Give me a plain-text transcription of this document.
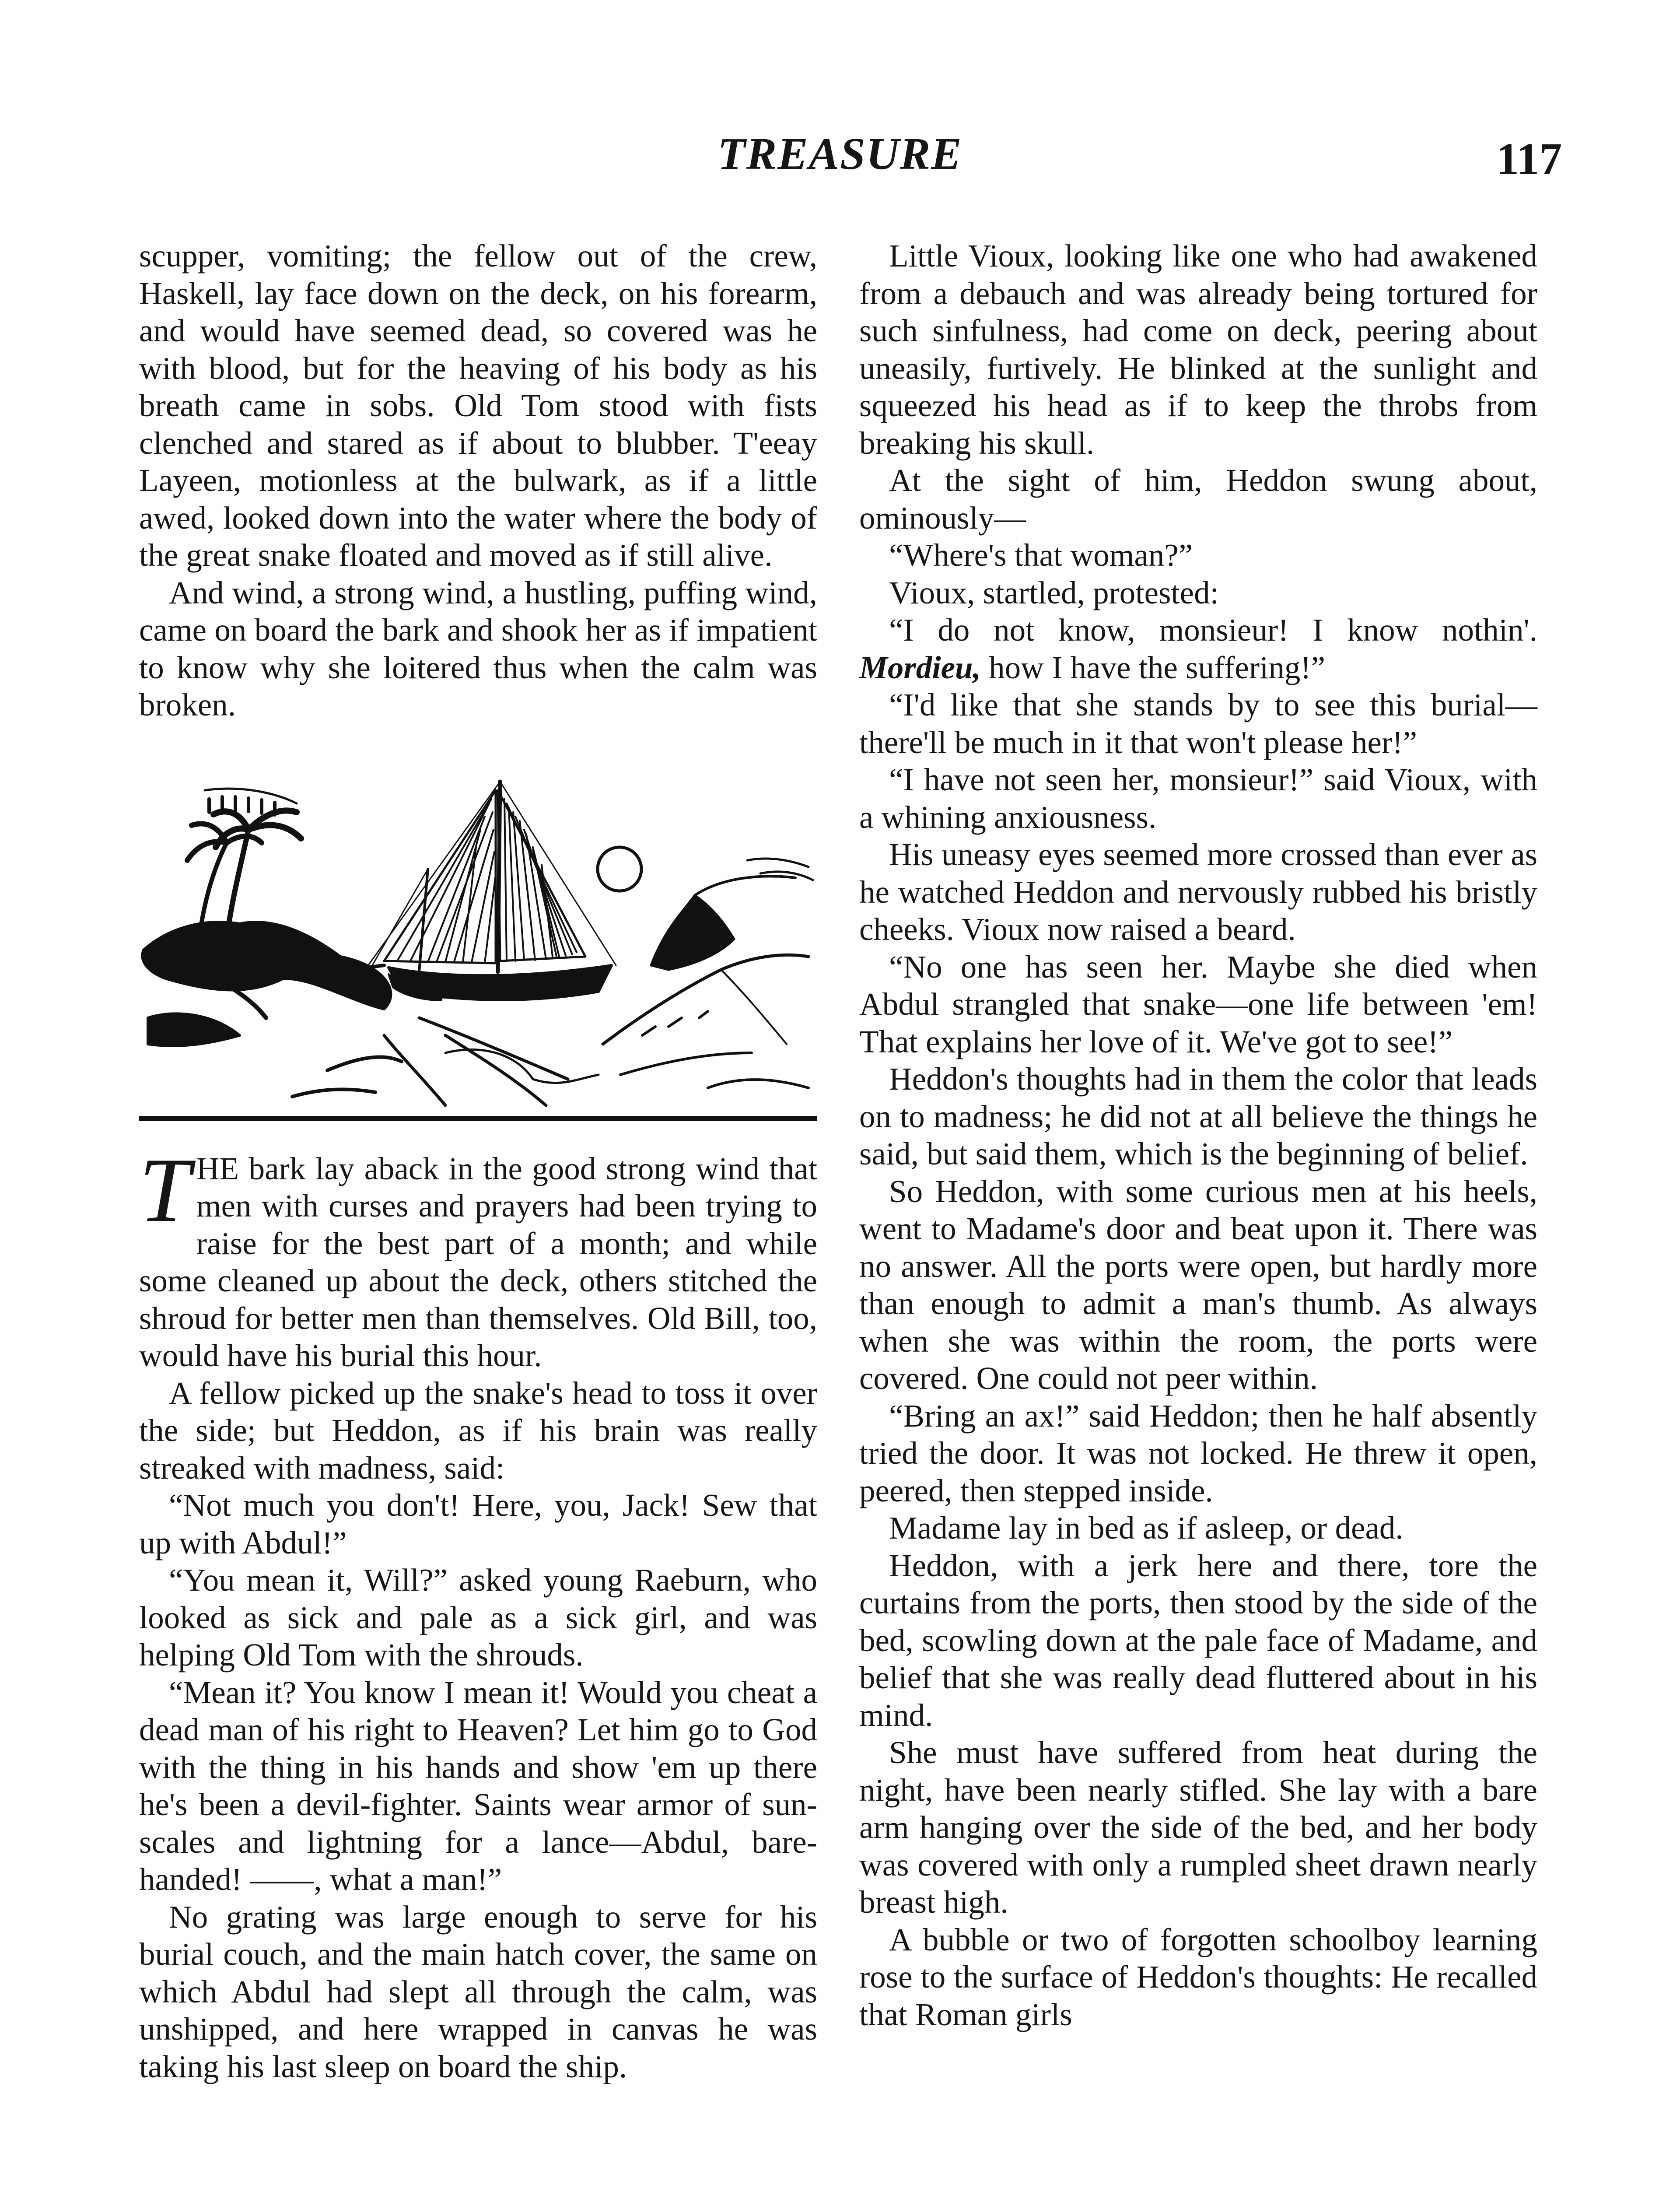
TREASURE	117

scupper, vomiting; the fellow out of the crew, Haskell, lay face down on the deck, on his forearm, and would have seemed dead, so covered was he with blood, but for the heaving of his body as his breath came in sobs. Old Tom stood with fists clenched and stared as if about to blubber. T'eeay Layeen, motionless at the bulwark, as if a little awed, looked down into the water where the body of the great snake floated and moved as if still alive.

And wind, a strong wind, a hustling, puffing wind, came on board the bark and shook her as if impatient to know why she loitered thus when the calm was broken.

THE bark lay aback in the good strong wind that men with curses and prayers had been trying to raise for the best part of a month; and while some cleaned up about the deck, others stitched the shroud for better men than themselves. Old Bill, too, would have his burial this hour.

A fellow picked up the snake's head to toss it over the side; but Heddon, as if his brain was really streaked with madness, said:

“Not much you don't! Here, you, Jack! Sew that up with Abdul!”

“You mean it, Will?” asked young Raeburn, who looked as sick and pale as a sick girl, and was helping Old Tom with the shrouds.

“Mean it? You know I mean it! Would you cheat a dead man of his right to Heaven? Let him go to God with the thing in his hands and show 'em up there he's been a devil-fighter. Saints wear armor of sunscales and lightning for a lance—Abdul, bare-handed! ——, what a man!”

No grating was large enough to serve for his burial couch, and the main hatch cover, the same on which Abdul had slept all through the calm, was unshipped, and here wrapped in canvas he was taking his last sleep on board the ship.

Little Vioux, looking like one who had awakened from a debauch and was already being tortured for such sinfulness, had come on deck, peering about uneasily, furtively. He blinked at the sunlight and squeezed his head as if to keep the throbs from breaking his skull.

At the sight of him, Heddon swung about, ominously—

“Where's that woman?”

Vioux, startled, protested:

“I do not know, monsieur! I know nothin'. Mordieu, how I have the suffering!”

“I'd like that she stands by to see this burial—there'll be much in it that won't please her!”

“I have not seen her, monsieur!” said Vioux, with a whining anxiousness.

His uneasy eyes seemed more crossed than ever as he watched Heddon and nervously rubbed his bristly cheeks. Vioux now raised a beard.

“No one has seen her. Maybe she died when Abdul strangled that snake—one life between 'em! That explains her love of it. We've got to see!”

Heddon's thoughts had in them the color that leads on to madness; he did not at all believe the things he said, but said them, which is the beginning of belief.

So Heddon, with some curious men at his heels, went to Madame's door and beat upon it. There was no answer. All the ports were open, but hardly more than enough to admit a man's thumb. As always when she was within the room, the ports were covered. One could not peer within.

“Bring an ax!” said Heddon; then he half absently tried the door. It was not locked. He threw it open, peered, then stepped inside.

Madame lay in bed as if asleep, or dead.

Heddon, with a jerk here and there, tore the curtains from the ports, then stood by the side of the bed, scowling down at the pale face of Madame, and belief that she was really dead fluttered about in his mind.

She must have suffered from heat during the night, have been nearly stifled. She lay with a bare arm hanging over the side of the bed, and her body was covered with only a rumpled sheet drawn nearly breast high.

A bubble or two of forgotten schoolboy learning rose to the surface of Heddon's thoughts: He recalled that Roman girls
